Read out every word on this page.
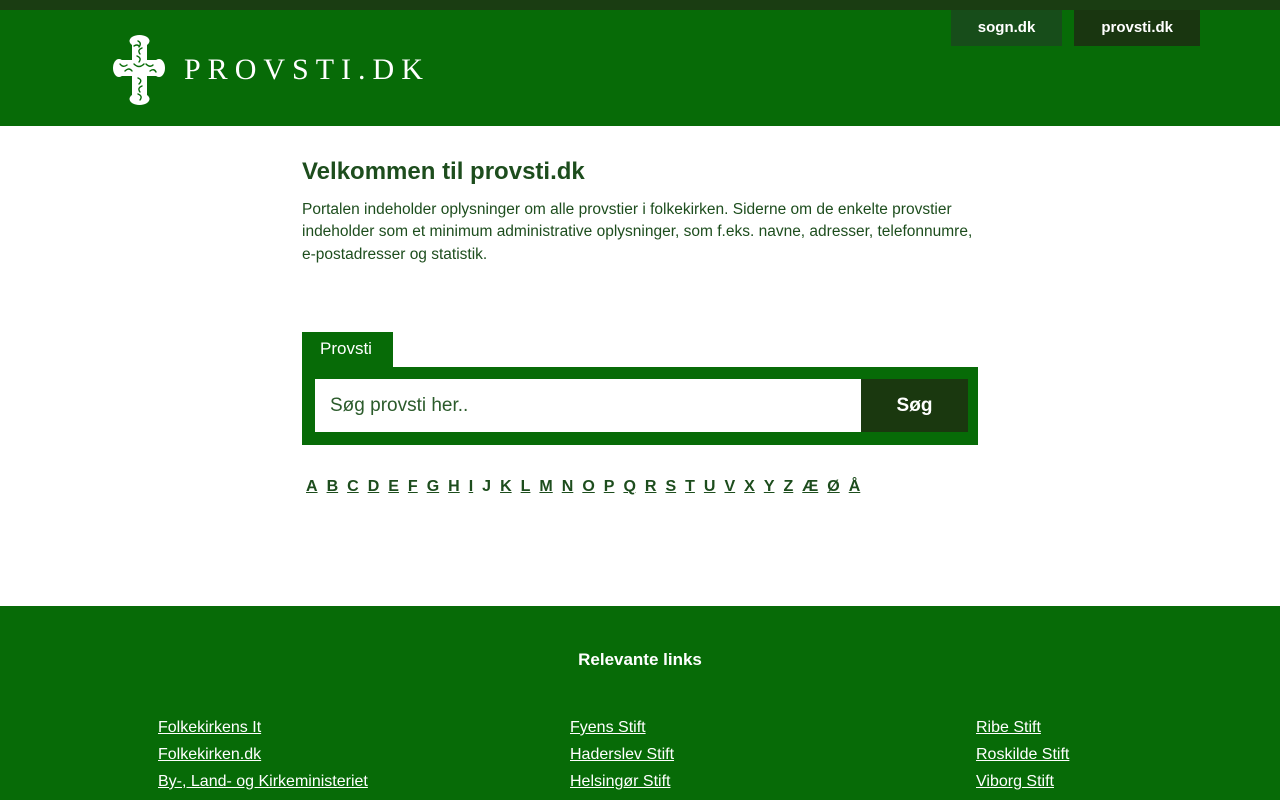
sogn.dk	provsti.dk
PROVSTI.DK
Velkommen til provsti.dk

Portalen indeholder oplysninger om alle provstier i folkekirken. Siderne om de enkelte provstier indeholder som et minimum administrative oplysninger, som f.eks. navne, adresser, telefonnumre, e-postadresser og statistik.

Provsti
Søg provsti her..
Søg
A B C D E F G H I J K L M N O P Q R S T U V X Y Z Æ Ø Å
Relevante links
Folkekirkens It
Folkekirken.dk
By-, Land- og Kirkeministeriet
Fyens Stift
Haderslev Stift
Helsingør Stift
Ribe Stift
Roskilde Stift
Viborg Stift
